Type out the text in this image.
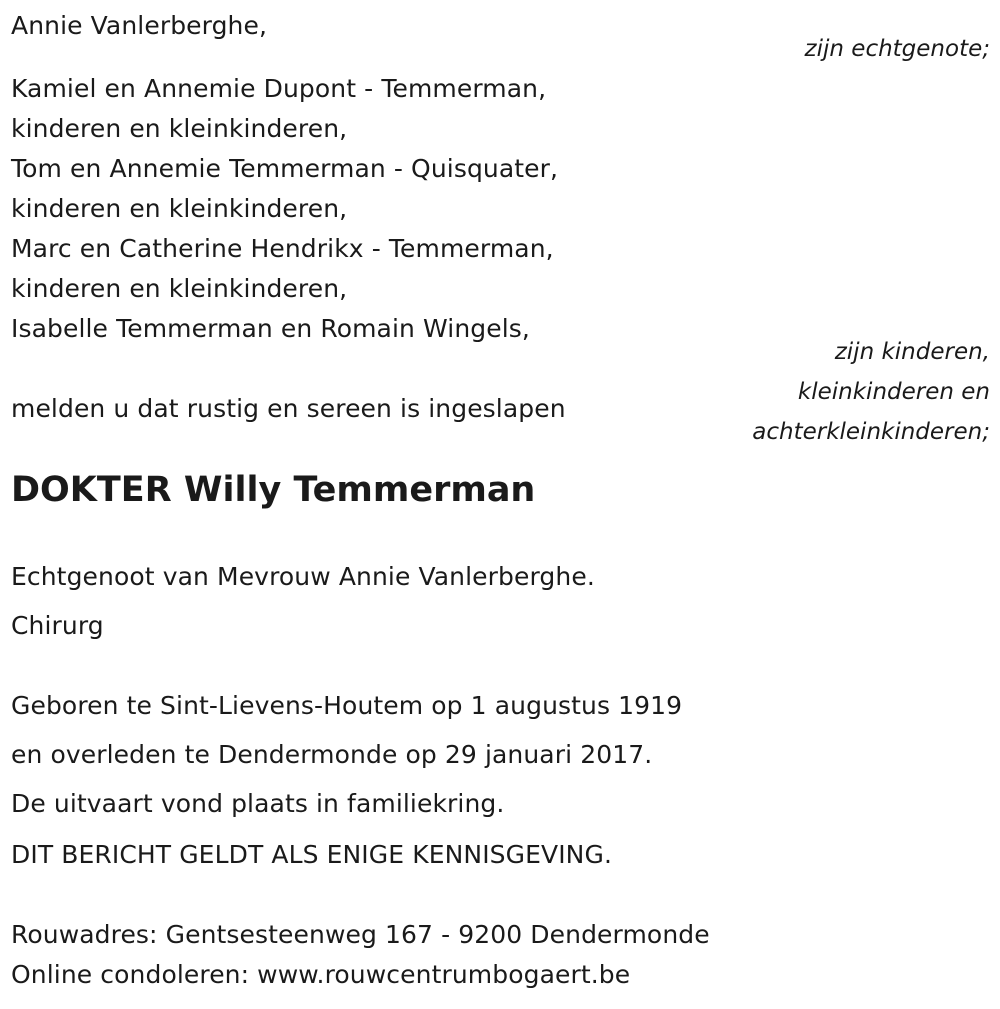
Annie Vanlerberghe,
zijn echtgenote;
Kamiel en Annemie Dupont - Temmerman,
kinderen en kleinkinderen,
Tom en Annemie Temmerman - Quisquater,
kinderen en kleinkinderen,
Marc en Catherine Hendrikx - Temmerman,
kinderen en kleinkinderen,
Isabelle Temmerman en Romain Wingels,
zijn kinderen,
kleinkinderen en
achterkleinkinderen;
melden u dat rustig en sereen is ingeslapen
DOKTER Willy Temmerman
Echtgenoot van Mevrouw Annie Vanlerberghe.
Chirurg
Geboren te Sint-Lievens-Houtem op 1 augustus 1919
en overleden te Dendermonde op 29 januari 2017.
De uitvaart vond plaats in familiekring.
DIT BERICHT GELDT ALS ENIGE KENNISGEVING.
Rouwadres: Gentsesteenweg 167 - 9200 Dendermonde
Online condoleren: www.rouwcentrumbogaert.be
